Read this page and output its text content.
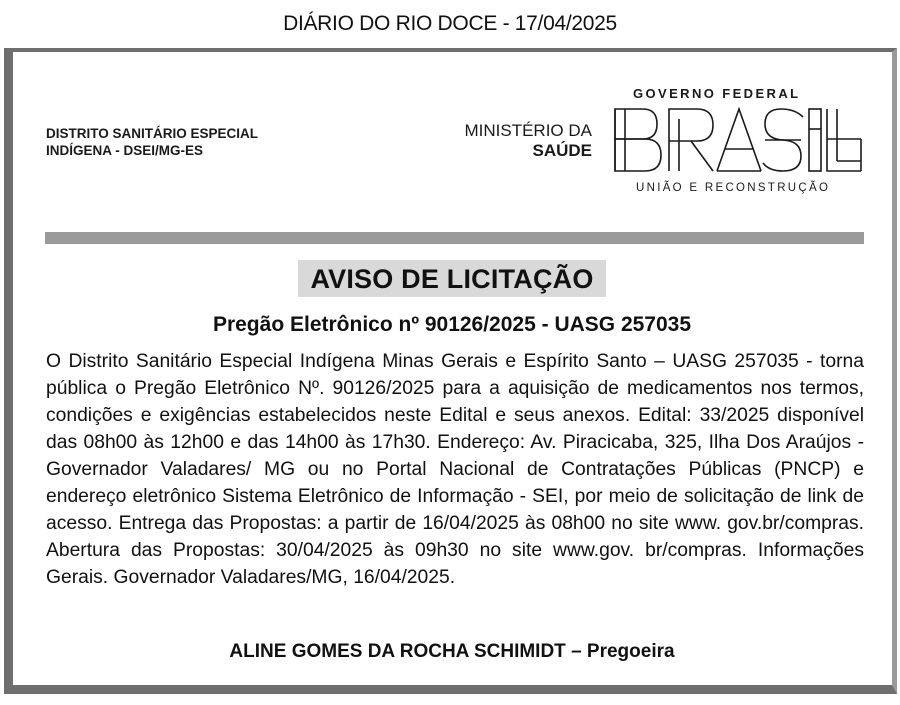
DIÁRIO DO RIO DOCE - 17/04/2025
DISTRITO SANITÁRIO ESPECIAL
INDÍGENA - DSEI/MG-ES
MINISTÉRIO DA
SAÚDE
GOVERNO FEDERAL
UNIÃO E RECONSTRUÇÃO
AVISO DE LICITAÇÃO
Pregão Eletrônico nº 90126/2025 - UASG 257035
O Distrito Sanitário Especial Indígena Minas Gerais e Espírito Santo – UASG 257035 - torna pública o Pregão Eletrônico Nº. 90126/2025 para a aquisição de medicamentos nos termos, condições e exigências estabelecidos neste Edital e seus anexos. Edital: 33/2025 disponível das 08h00 às 12h00 e das 14h00 às 17h30. Endereço: Av. Piracicaba, 325, Ilha Dos Araújos - Governador Valadares/ MG ou no Portal Nacional de Contratações Públicas (PNCP) e endereço eletrônico Sistema Eletrônico de Informação - SEI, por meio de solicitação de link de acesso. Entrega das Propostas: a partir de 16/04/2025 às 08h00 no site www. gov.br/compras. Abertura das Propostas: 30/04/2025 às 09h30 no site www.gov. br/compras. Informações Gerais. Governador Valadares/MG, 16/04/2025.
ALINE GOMES DA ROCHA SCHIMIDT – Pregoeira
